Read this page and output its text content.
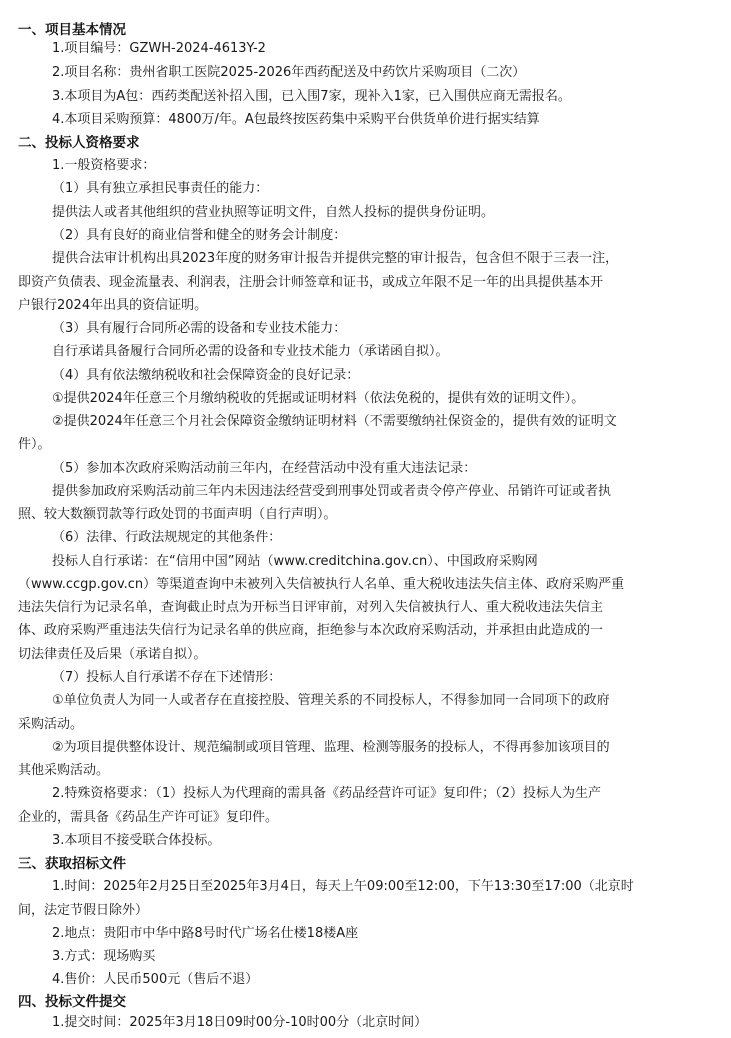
一、项目基本情况
1.项目编号：GZWH-2024-4613Y-2
2.项目名称：贵州省职工医院2025-2026年西药配送及中药饮片采购项目（二次）
3.本项目为A包：西药类配送补招入围，已入围7家，现补入1家，已入围供应商无需报名。
4.本项目采购预算：4800万/年。A包最终按医药集中采购平台供货单价进行据实结算
二、投标人资格要求
1.一般资格要求：
（1）具有独立承担民事责任的能力：
提供法人或者其他组织的营业执照等证明文件，自然人投标的提供身份证明。
（2）具有良好的商业信誉和健全的财务会计制度：
提供合法审计机构出具2023年度的财务审计报告并提供完整的审计报告，包含但不限于三表一注，
即资产负债表、现金流量表、利润表，注册会计师签章和证书，或成立年限不足一年的出具提供基本开
户银行2024年出具的资信证明。
（3）具有履行合同所必需的设备和专业技术能力：
自行承诺具备履行合同所必需的设备和专业技术能力（承诺函自拟）。
（4）具有依法缴纳税收和社会保障资金的良好记录：
①提供2024年任意三个月缴纳税收的凭据或证明材料（依法免税的，提供有效的证明文件）。
②提供2024年任意三个月社会保障资金缴纳证明材料（不需要缴纳社保资金的，提供有效的证明文
件）。
（5）参加本次政府采购活动前三年内，在经营活动中没有重大违法记录：
提供参加政府采购活动前三年内未因违法经营受到刑事处罚或者责令停产停业、吊销许可证或者执
照、较大数额罚款等行政处罚的书面声明（自行声明）。
（6）法律、行政法规规定的其他条件：
投标人自行承诺：在“信用中国”网站（www.creditchina.gov.cn）、中国政府采购网
（www.ccgp.gov.cn）等渠道查询中未被列入失信被执行人名单、重大税收违法失信主体、政府采购严重
违法失信行为记录名单，查询截止时点为开标当日评审前，对列入失信被执行人、重大税收违法失信主
体、政府采购严重违法失信行为记录名单的供应商，拒绝参与本次政府采购活动，并承担由此造成的一
切法律责任及后果（承诺自拟）。
（7）投标人自行承诺不存在下述情形：
①单位负责人为同一人或者存在直接控股、管理关系的不同投标人，不得参加同一合同项下的政府
采购活动。
②为项目提供整体设计、规范编制或项目管理、监理、检测等服务的投标人，不得再参加该项目的
其他采购活动。
2.特殊资格要求：（1）投标人为代理商的需具备《药品经营许可证》复印件；（2）投标人为生产
企业的，需具备《药品生产许可证》复印件。
3.本项目不接受联合体投标。
三、获取招标文件
1.时间：2025年2月25日至2025年3月4日，每天上午09:00至12:00，下午13:30至17:00（北京时
间，法定节假日除外）
2.地点：贵阳市中华中路8号时代广场名仕楼18楼A座
3.方式：现场购买
4.售价：人民币500元（售后不退）
四、投标文件提交
1.提交时间：2025年3月18日09时00分-10时00分（北京时间）
